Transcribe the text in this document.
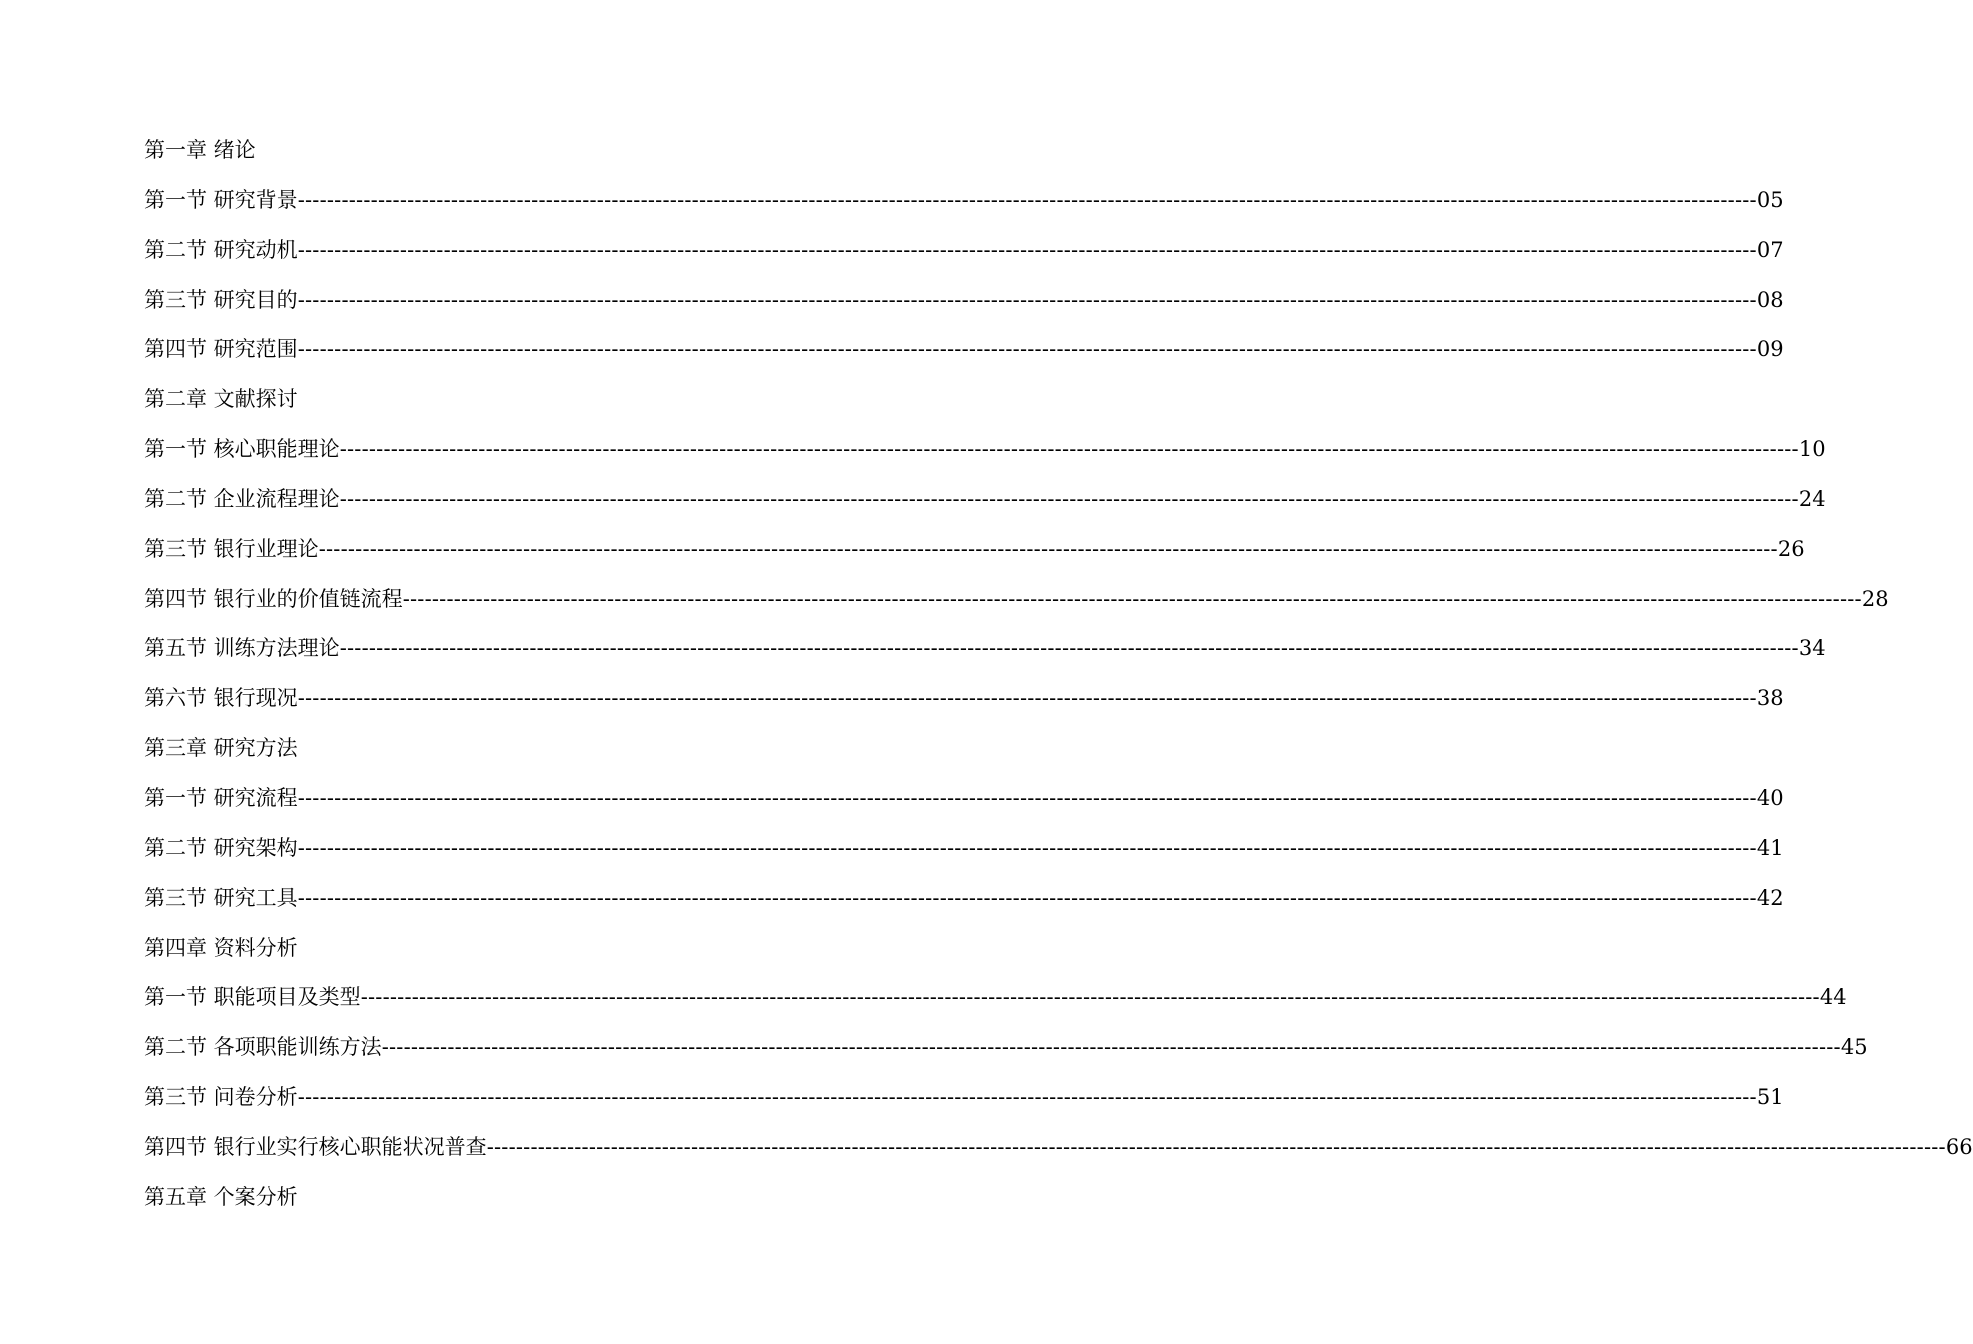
第一章 绪论
第一节 研究背景 -------------------------------------------------------------------------------------------------------------------------------------------------------------------------------------------------------- 05
第二节 研究动机 -------------------------------------------------------------------------------------------------------------------------------------------------------------------------------------------------------- 07
第三节 研究目的 -------------------------------------------------------------------------------------------------------------------------------------------------------------------------------------------------------- 08
第四节 研究范围 -------------------------------------------------------------------------------------------------------------------------------------------------------------------------------------------------------- 09
第二章 文献探讨
第一节 核心职能理论 -------------------------------------------------------------------------------------------------------------------------------------------------------------------------------------------------------- 10
第二节 企业流程理论 -------------------------------------------------------------------------------------------------------------------------------------------------------------------------------------------------------- 24
第三节 银行业理论 -------------------------------------------------------------------------------------------------------------------------------------------------------------------------------------------------------- 26
第四节 银行业的价值链流程 -------------------------------------------------------------------------------------------------------------------------------------------------------------------------------------------------------- 28
第五节 训练方法理论 -------------------------------------------------------------------------------------------------------------------------------------------------------------------------------------------------------- 34
第六节 银行现况 -------------------------------------------------------------------------------------------------------------------------------------------------------------------------------------------------------- 38
第三章 研究方法
第一节 研究流程 -------------------------------------------------------------------------------------------------------------------------------------------------------------------------------------------------------- 40
第二节 研究架构 -------------------------------------------------------------------------------------------------------------------------------------------------------------------------------------------------------- 41
第三节 研究工具 -------------------------------------------------------------------------------------------------------------------------------------------------------------------------------------------------------- 42
第四章 资料分析
第一节 职能项目及类型 -------------------------------------------------------------------------------------------------------------------------------------------------------------------------------------------------------- 44
第二节 各项职能训练方法 -------------------------------------------------------------------------------------------------------------------------------------------------------------------------------------------------------- 45
第三节 问卷分析 -------------------------------------------------------------------------------------------------------------------------------------------------------------------------------------------------------- 51
第四节 银行业实行核心职能状况普查 -------------------------------------------------------------------------------------------------------------------------------------------------------------------------------------------------------- 66
第五章 个案分析
